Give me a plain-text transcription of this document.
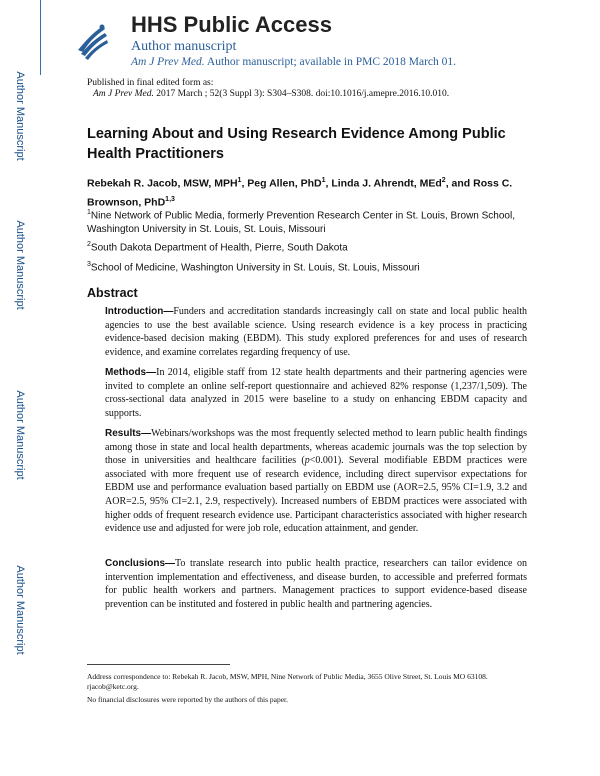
Author Manuscript
Author Manuscript
Author Manuscript
Author Manuscript
HHS Public Access
Author manuscript
Am J Prev Med. Author manuscript; available in PMC 2018 March 01.
Published in final edited form as:
Am J Prev Med. 2017 March ; 52(3 Suppl 3): S304–S308. doi:10.1016/j.amepre.2016.10.010.
Learning About and Using Research Evidence Among Public Health Practitioners
Rebekah R. Jacob, MSW, MPH$^1$, Peg Allen, PhD$^1$, Linda J. Ahrendt, MEd$^2$, and Ross C. Brownson, PhD$^{1,3}$
$^1$Nine Network of Public Media, formerly Prevention Research Center in St. Louis, Brown School, Washington University in St. Louis, St. Louis, Missouri
$^2$South Dakota Department of Health, Pierre, South Dakota
$^3$School of Medicine, Washington University in St. Louis, St. Louis, Missouri
Abstract
Introduction—Funders and accreditation standards increasingly call on state and local public health agencies to use the best available science. Using research evidence is a key process in practicing evidence-based decision making (EBDM). This study explored preferences for and uses of research evidence, and examine correlates regarding frequency of use.
Methods—In 2014, eligible staff from 12 state health departments and their partnering agencies were invited to complete an online self-report questionnaire and achieved 82% response (1,237/1,509). The cross-sectional data analyzed in 2015 were baseline to a study on enhancing EBDM capacity and supports.
Results—Webinars/workshops was the most frequently selected method to learn public health findings among those in state and local health departments, whereas academic journals was the top selection by those in universities and healthcare facilities (p<0.001). Several modifiable EBDM practices were associated with more frequent use of research evidence, including direct supervisor expectations for EBDM use and performance evaluation based partially on EBDM use (AOR=2.5, 95% CI=1.9, 3.2 and AOR=2.5, 95% CI=2.1, 2.9, respectively). Increased numbers of EBDM practices were associated with higher odds of frequent research evidence use. Participant characteristics associated with higher research evidence use and adjusted for were job role, education attainment, and gender.
Conclusions—To translate research into public health practice, researchers can tailor evidence on intervention implementation and effectiveness, and disease burden, to accessible and preferred formats for public health workers and partners. Management practices to support evidence-based disease prevention can be instituted and fostered in public health and partnering agencies.
Address correspondence to: Rebekah R. Jacob, MSW, MPH, Nine Network of Public Media, 3655 Olive Street, St. Louis MO 63108. rjacob@ketc.org.
No financial disclosures were reported by the authors of this paper.
